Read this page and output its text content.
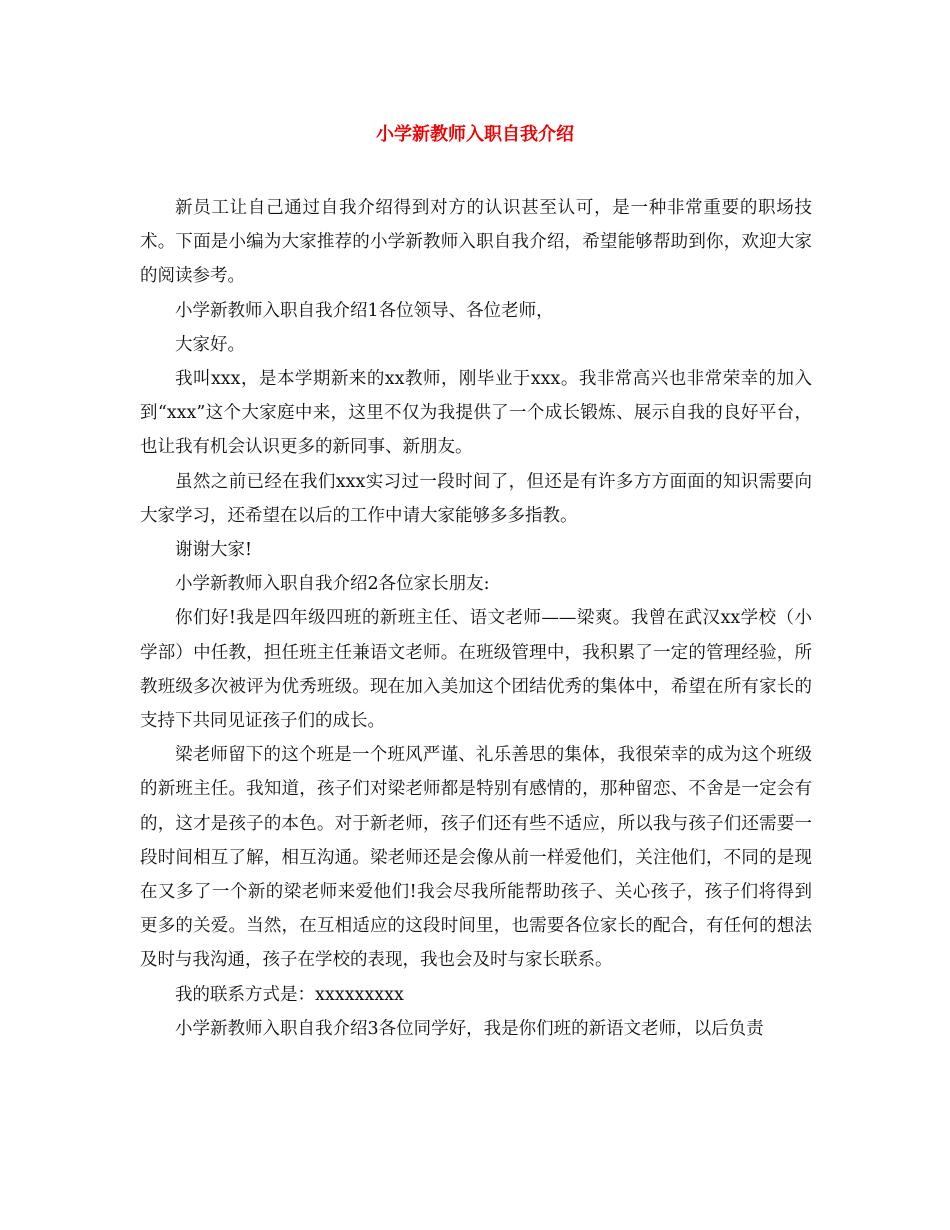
小学新教师入职自我介绍

新员工让自己通过自我介绍得到对方的认识甚至认可，是一种非常重要的职场技术。下面是小编为大家推荐的小学新教师入职自我介绍，希望能够帮助到你，欢迎大家的阅读参考。

小学新教师入职自我介绍1各位领导、各位老师，

大家好。

我叫xxx，是本学期新来的xx教师，刚毕业于xxx。我非常高兴也非常荣幸的加入到“xxx”这个大家庭中来，这里不仅为我提供了一个成长锻炼、展示自我的良好平台，也让我有机会认识更多的新同事、新朋友。

虽然之前已经在我们xxx实习过一段时间了，但还是有许多方方面面的知识需要向大家学习，还希望在以后的工作中请大家能够多多指教。

谢谢大家!

小学新教师入职自我介绍2各位家长朋友:

你们好!我是四年级四班的新班主任、语文老师——梁爽。我曾在武汉xx学校（小学部）中任教，担任班主任兼语文老师。在班级管理中，我积累了一定的管理经验，所教班级多次被评为优秀班级。现在加入美加这个团结优秀的集体中，希望在所有家长的支持下共同见证孩子们的成长。

梁老师留下的这个班是一个班风严谨、礼乐善思的集体，我很荣幸的成为这个班级的新班主任。我知道，孩子们对梁老师都是特别有感情的，那种留恋、不舍是一定会有的，这才是孩子的本色。对于新老师，孩子们还有些不适应，所以我与孩子们还需要一段时间相互了解，相互沟通。梁老师还是会像从前一样爱他们，关注他们，不同的是现在又多了一个新的梁老师来爱他们!我会尽我所能帮助孩子、关心孩子，孩子们将得到更多的关爱。当然，在互相适应的这段时间里，也需要各位家长的配合，有任何的想法及时与我沟通，孩子在学校的表现，我也会及时与家长联系。

我的联系方式是：xxxxxxxxx

小学新教师入职自我介绍3各位同学好，我是你们班的新语文老师，以后负责
